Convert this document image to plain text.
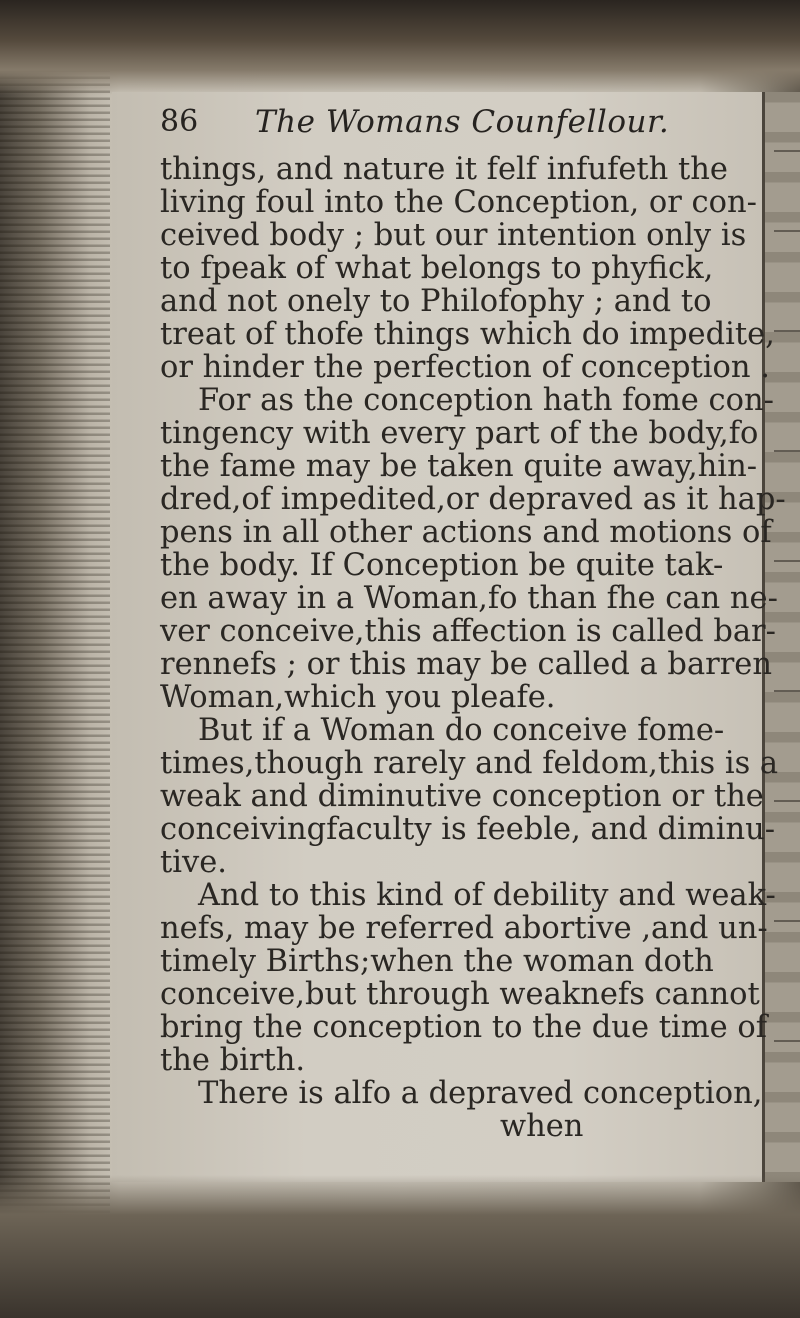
86 The Womans Counfellour.
things, and nature it felf infufeth the
living foul into the Conception, or con-
ceived body ; but our intention only is
to fpeak of what belongs to phyfick,
and not onely to Philofophy ; and to
treat of thofe things which do impedite,
or hinder the perfection of conception .
For as the conception hath fome con-
tingency with every part of the body,fo
the fame may be taken quite away,hin-
dred,of impedited,or depraved as it hap-
pens in all other actions and motions of
the body. If Conception be quite tak-
en away in a Woman,fo than fhe can ne-
ver conceive,this affection is called bar-
rennefs ; or this may be called a barren
Woman,which you pleafe.
But if a Woman do conceive fome-
times,though rarely and feldom,this is a
weak and diminutive conception or the
conceivingfaculty is feeble, and diminu-
tive.
And to this kind of debility and weak-
nefs, may be referred abortive ,and un-
timely Births;when the woman doth
conceive,but through weaknefs cannot
bring the conception to the due time of
the birth.
There is alfo a depraved conception,
when
